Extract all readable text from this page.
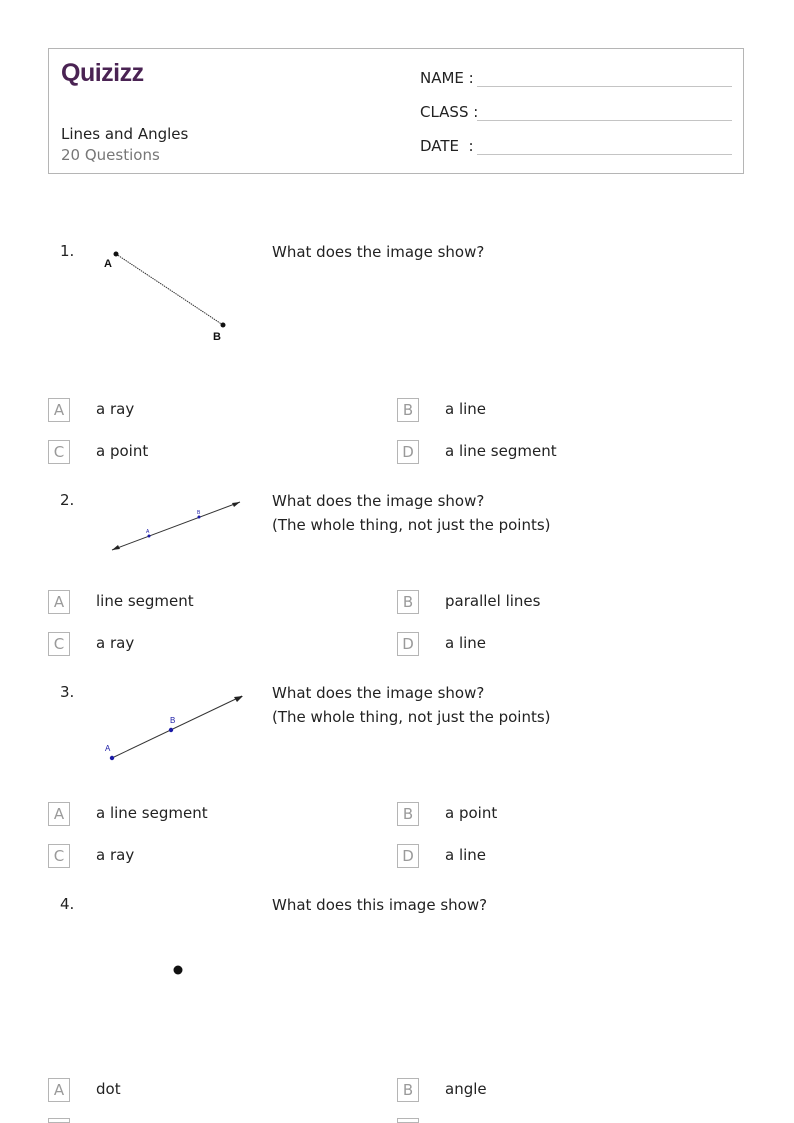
Quizizz
Lines and Angles
20 Questions
NAME :
CLASS :
DATE  :
1.
A
B
What does the image show?
A	a ray	B	a line
C	a point	D	a line segment
2.
A
B
What does the image show?
(The whole thing, not just the points)
A	line segment	B	parallel lines
C	a ray	D	a line
3.
A
B
What does the image show?
(The whole thing, not just the points)
A	a line segment	B	a point
C	a ray	D	a line
4.	What does this image show?
A	dot	B	angle
